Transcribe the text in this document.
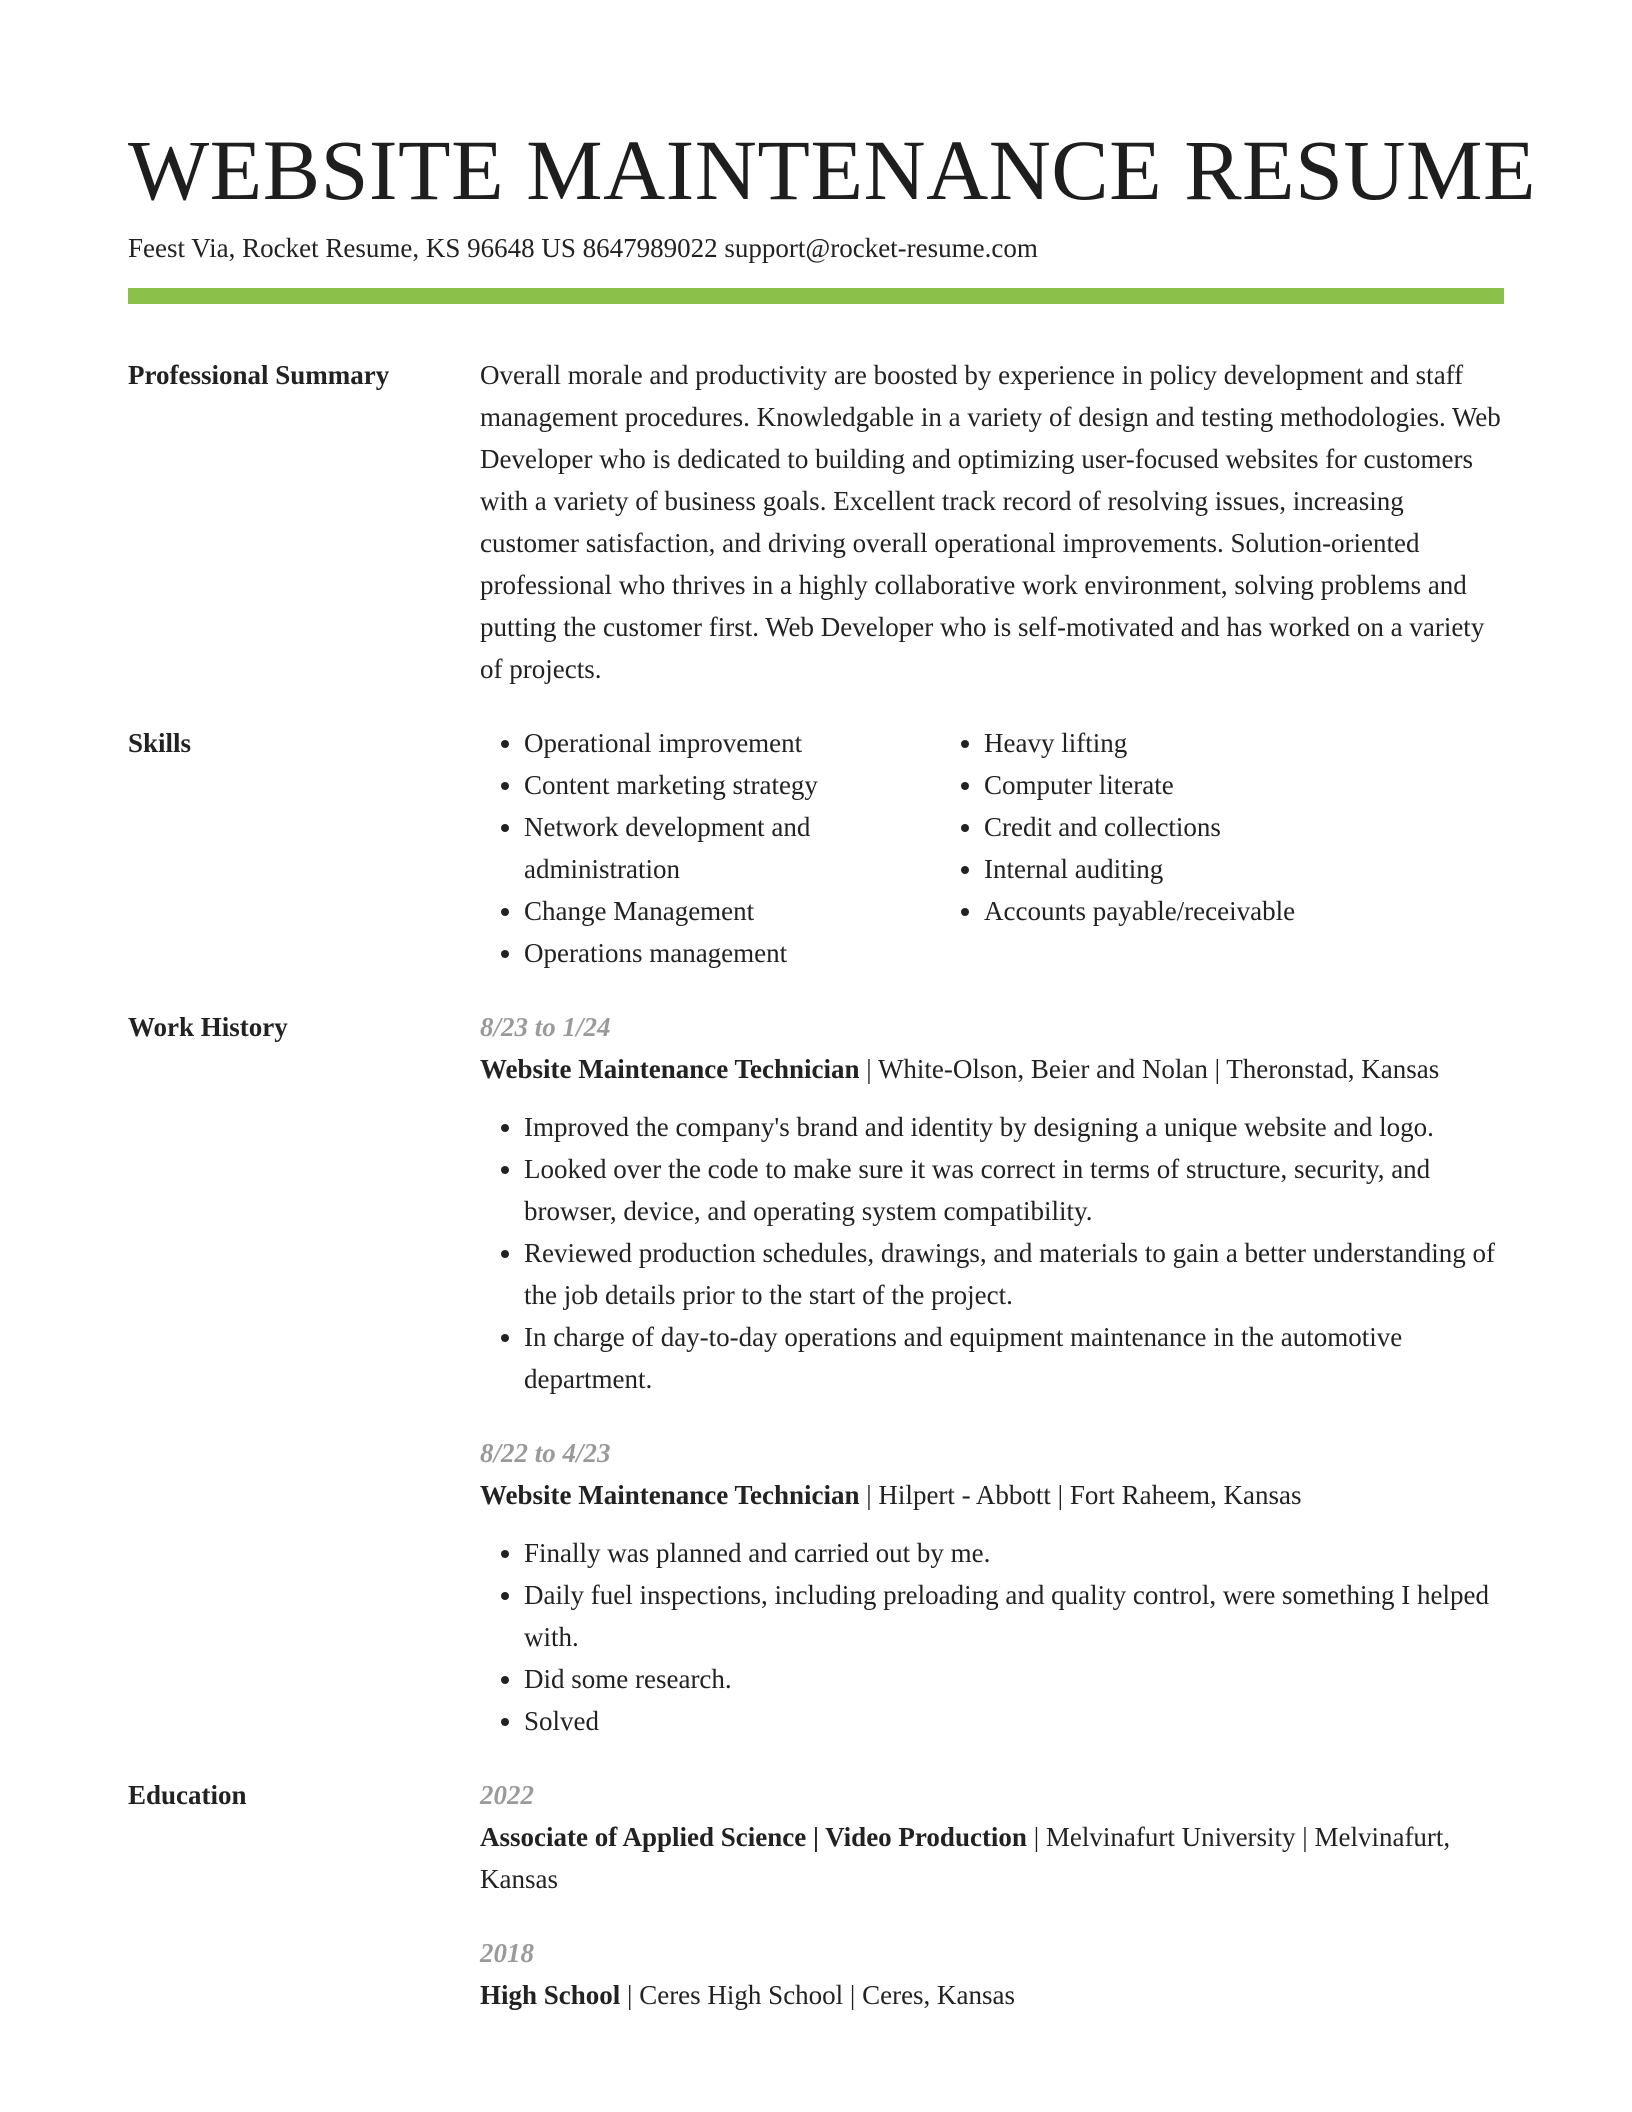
WEBSITE MAINTENANCE RESUME
Feest Via, Rocket Resume, KS 96648 US 8647989022 support@rocket-resume.com
Professional Summary	Overall morale and productivity are boosted by experience in policy development and staff management procedures. Knowledgable in a variety of design and testing methodologies. Web Developer who is dedicated to building and optimizing user-focused websites for customers with a variety of business goals. Excellent track record of resolving issues, increasing customer satisfaction, and driving overall operational improvements. Solution-oriented professional who thrives in a highly collaborative work environment, solving problems and putting the customer first. Web Developer who is self-motivated and has worked on a variety of projects.

Skills
•	Operational improvement
• Content marketing strategy
• Network development and administration
• Change Management
• Operations management
• Heavy lifting
• Computer literate
• Credit and collections
• Internal auditing
• Accounts payable/receivable
Work History	8/23 to 1/24
Website Maintenance Technician | White-Olson, Beier and Nolan | Theronstad, Kansas
• Improved the company's brand and identity by designing a unique website and logo.
• Looked over the code to make sure it was correct in terms of structure, security, and browser, device, and operating system compatibility.
• Reviewed production schedules, drawings, and materials to gain a better understanding of the job details prior to the start of the project.
• In charge of day-to-day operations and equipment maintenance in the automotive department.
8/22 to 4/23
Website Maintenance Technician | Hilpert - Abbott | Fort Raheem, Kansas
• Finally was planned and carried out by me.
• Daily fuel inspections, including preloading and quality control, were something I helped with.
• Did some research.
• Solved
Education	2022
Associate of Applied Science | Video Production | Melvinafurt University | Melvinafurt, Kansas
2018
High School | Ceres High School | Ceres, Kansas
